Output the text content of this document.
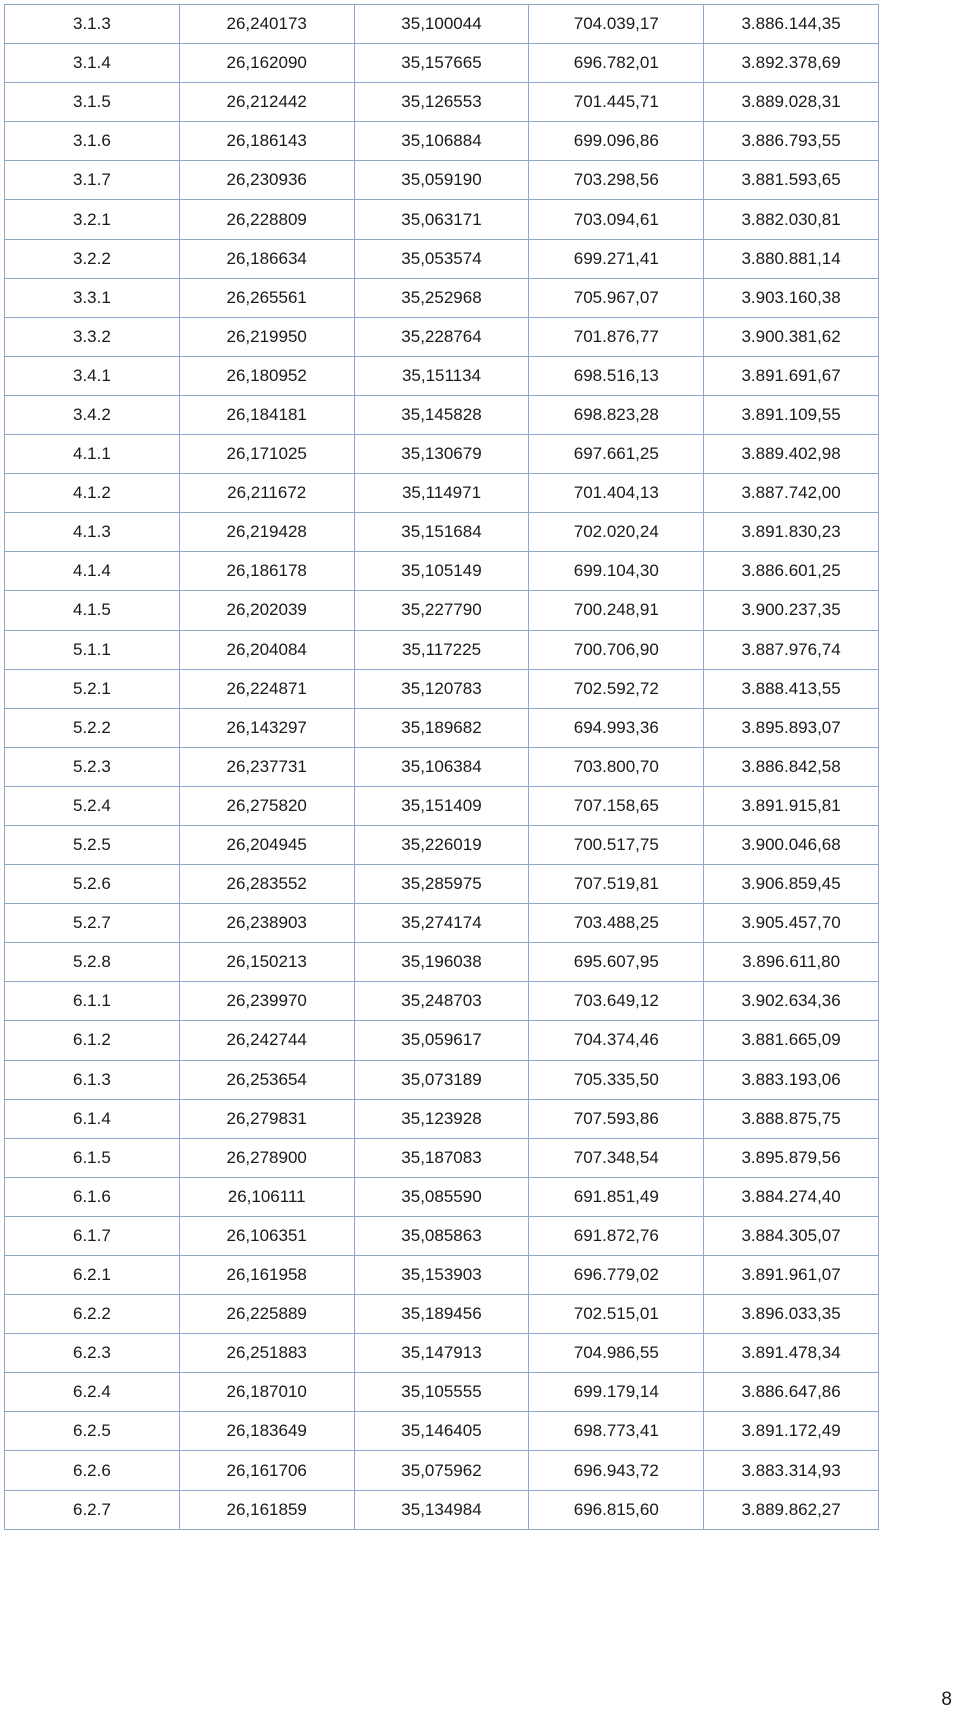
3.1.3	26,240173	35,100044	704.039,17	3.886.144,35
3.1.4	26,162090	35,157665	696.782,01	3.892.378,69
3.1.5	26,212442	35,126553	701.445,71	3.889.028,31
3.1.6	26,186143	35,106884	699.096,86	3.886.793,55
3.1.7	26,230936	35,059190	703.298,56	3.881.593,65
3.2.1	26,228809	35,063171	703.094,61	3.882.030,81
3.2.2	26,186634	35,053574	699.271,41	3.880.881,14
3.3.1	26,265561	35,252968	705.967,07	3.903.160,38
3.3.2	26,219950	35,228764	701.876,77	3.900.381,62
3.4.1	26,180952	35,151134	698.516,13	3.891.691,67
3.4.2	26,184181	35,145828	698.823,28	3.891.109,55
4.1.1	26,171025	35,130679	697.661,25	3.889.402,98
4.1.2	26,211672	35,114971	701.404,13	3.887.742,00
4.1.3	26,219428	35,151684	702.020,24	3.891.830,23
4.1.4	26,186178	35,105149	699.104,30	3.886.601,25
4.1.5	26,202039	35,227790	700.248,91	3.900.237,35
5.1.1	26,204084	35,117225	700.706,90	3.887.976,74
5.2.1	26,224871	35,120783	702.592,72	3.888.413,55
5.2.2	26,143297	35,189682	694.993,36	3.895.893,07
5.2.3	26,237731	35,106384	703.800,70	3.886.842,58
5.2.4	26,275820	35,151409	707.158,65	3.891.915,81
5.2.5	26,204945	35,226019	700.517,75	3.900.046,68
5.2.6	26,283552	35,285975	707.519,81	3.906.859,45
5.2.7	26,238903	35,274174	703.488,25	3.905.457,70
5.2.8	26,150213	35,196038	695.607,95	3.896.611,80
6.1.1	26,239970	35,248703	703.649,12	3.902.634,36
6.1.2	26,242744	35,059617	704.374,46	3.881.665,09
6.1.3	26,253654	35,073189	705.335,50	3.883.193,06
6.1.4	26,279831	35,123928	707.593,86	3.888.875,75
6.1.5	26,278900	35,187083	707.348,54	3.895.879,56
6.1.6	26,106111	35,085590	691.851,49	3.884.274,40
6.1.7	26,106351	35,085863	691.872,76	3.884.305,07
6.2.1	26,161958	35,153903	696.779,02	3.891.961,07
6.2.2	26,225889	35,189456	702.515,01	3.896.033,35
6.2.3	26,251883	35,147913	704.986,55	3.891.478,34
6.2.4	26,187010	35,105555	699.179,14	3.886.647,86
6.2.5	26,183649	35,146405	698.773,41	3.891.172,49
6.2.6	26,161706	35,075962	696.943,72	3.883.314,93
6.2.7	26,161859	35,134984	696.815,60	3.889.862,27
8
